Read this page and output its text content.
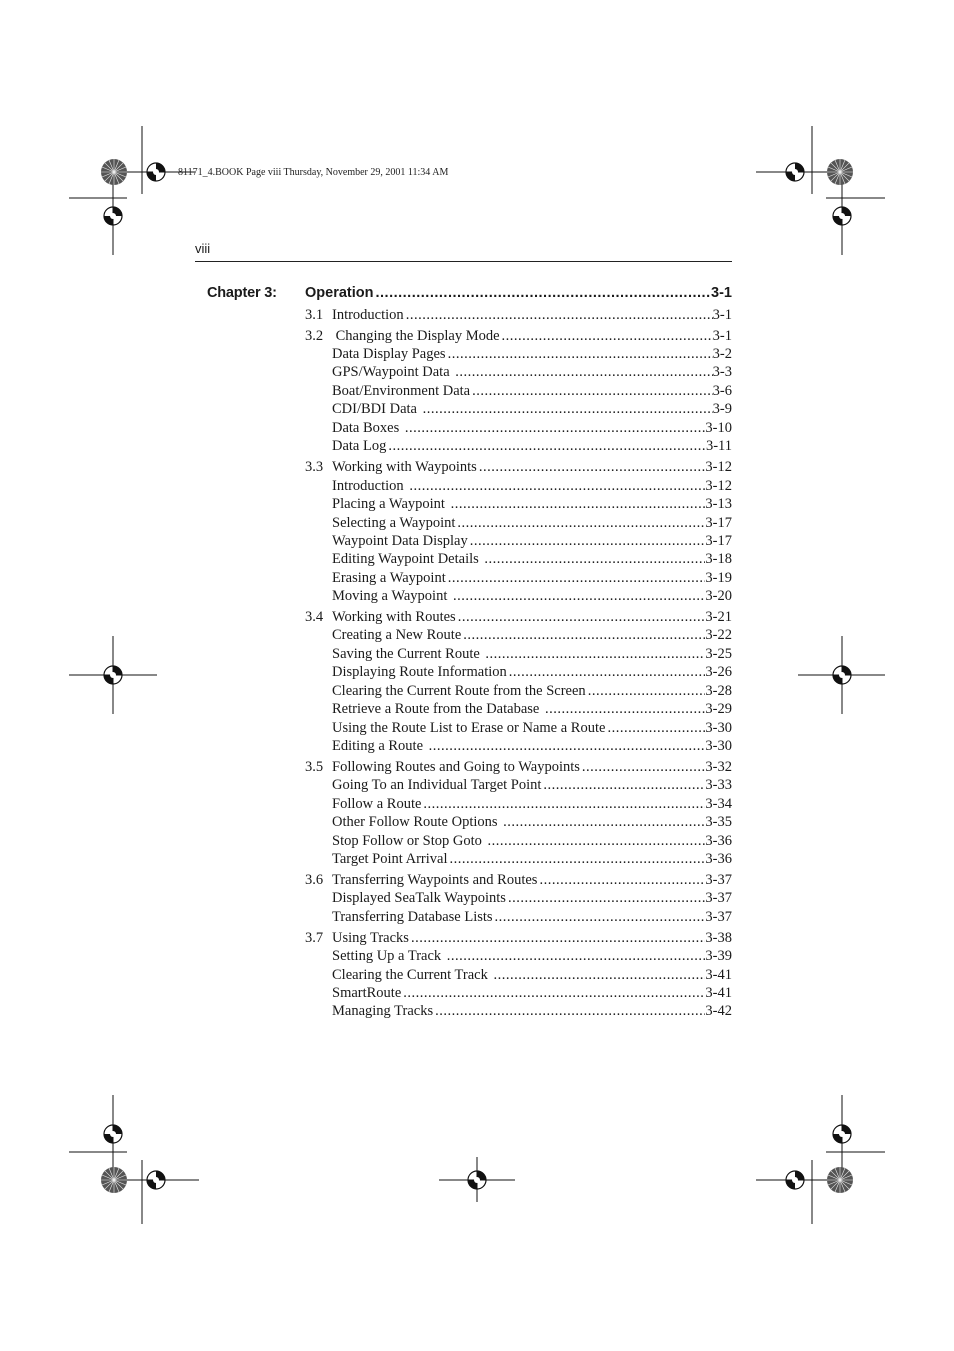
81171_4.BOOK Page viii Thursday, November 29, 2001 11:34 AM
viii
Chapter 3: Operation .....	3-1
3.1 Introduction .....	3-1
3.2 Changing the Display Mode .....	3-1
Data Display Pages .....	3-2
GPS/Waypoint Data .....	3-3
Boat/Environment Data .....	3-6
CDI/BDI Data .....	3-9
Data Boxes .....	3-10
Data Log .....	3-11
3.3 Working with Waypoints .....	3-12
Introduction .....	3-12
Placing a Waypoint .....	3-13
Selecting a Waypoint .....	3-17
Waypoint Data Display .....	3-17
Editing Waypoint Details .....	3-18
Erasing a Waypoint .....	3-19
Moving a Waypoint .....	3-20
3.4 Working with Routes .....	3-21
Creating a New Route .....	3-22
Saving the Current Route .....	3-25
Displaying Route Information .....	3-26
Clearing the Current Route from the Screen .....	3-28
Retrieve a Route from the Database .....	3-29
Using the Route List to Erase or Name a Route .....	3-30
Editing a Route .....	3-30
3.5 Following Routes and Going to Waypoints .....	3-32
Going To an Individual Target Point .....	3-33
Follow a Route .....	3-34
Other Follow Route Options .....	3-35
Stop Follow or Stop Goto .....	3-36
Target Point Arrival .....	3-36
3.6 Transferring Waypoints and Routes .....	3-37
Displayed SeaTalk Waypoints .....	3-37
Transferring Database Lists .....	3-37
3.7 Using Tracks .....	3-38
Setting Up a Track .....	3-39
Clearing the Current Track .....	3-41
SmartRoute .....	3-41
Managing Tracks .....	3-42
